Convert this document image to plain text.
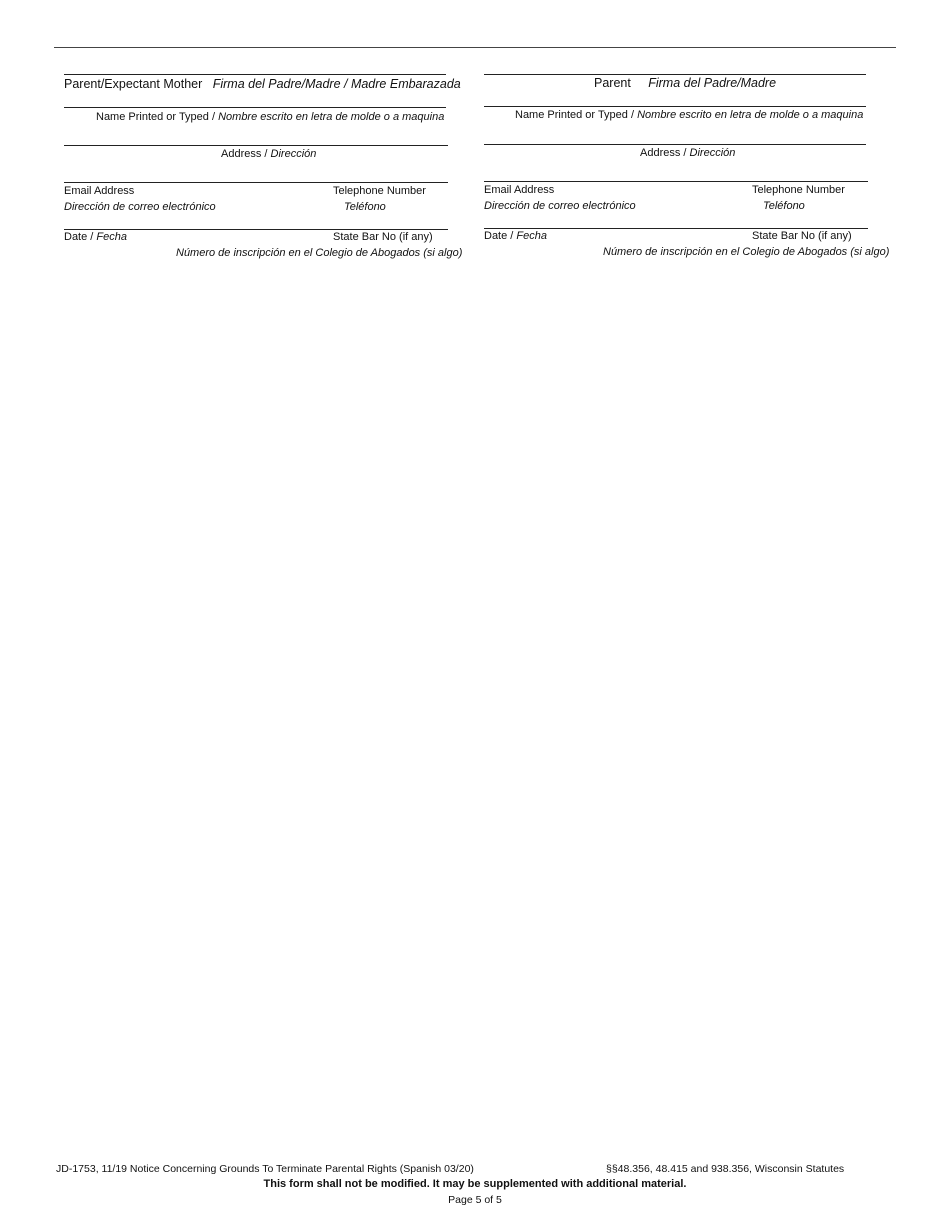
Parent/Expectant Mother Firma del Padre/Madre / Madre Embarazada
Name Printed or Typed / Nombre escrito en letra de molde o a maquina
Address / Dirección
Email Address
Dirección de correo electrónico
Telephone Number
Teléfono
Date / Fecha	State Bar No (if any)
Número de inscripción en el Colegio de Abogados (si algo)
Parent Firma del Padre/Madre
Name Printed or Typed / Nombre escrito en letra de molde o a maquina
Address / Dirección
Email Address
Dirección de correo electrónico
Telephone Number
Teléfono
Date / Fecha	State Bar No (if any)
Número de inscripción en el Colegio de Abogados (si algo)
JD-1753, 11/19 Notice Concerning Grounds To Terminate Parental Rights (Spanish 03/20)	§§48.356, 48.415 and 938.356, Wisconsin Statutes
This form shall not be modified. It may be supplemented with additional material.
Page 5 of 5
